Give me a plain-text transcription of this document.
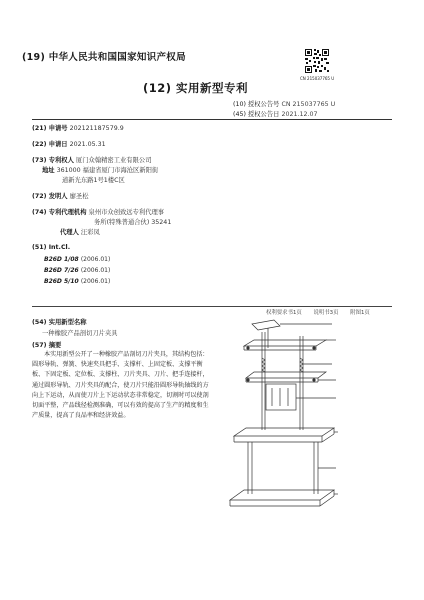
(19) 中华人民共和国国家知识产权局
(12) 实用新型专利
CN 215037765 U
(10) 授权公告号 CN 215037765 U
(45) 授权公告日 2021.12.07
(21) 申请号 202121187579.9
(22) 申请日 2021.05.31
(73) 专利权人 厦门众翰精密工业有限公司
地址 361000 福建省厦门市海沧区新阳街
道新光东路1号1楼C区
(72) 发明人 廖圣松
(74) 专利代理机构 泉州市众创致远专利代理事
务所(特殊普通合伙) 35241
代理人 汪彩凤
(51) Int.Cl.
B26D 1/08 (2006.01)
B26D 7/26 (2006.01)
B26D 5/10 (2006.01)
权利要求书1页 说明书3页 附图1页
(54) 实用新型名称
一种橡胶产品剖切刀片夹具
(57) 摘要
本实用新型公开了一种橡胶产品剖切刀片夹具，其结构包括：圆形导轨、弹簧、快速夹具把手、支撑杆、上固定板、支撑平衡板、下固定板、定位板、支撑柱、刀片夹具、刀片、把手连接杆，通过圆形导轨、刀片夹具的配合，使刀片只能沿圆形导轨轴线的方向上下运动，从而使刀片上下运动状态非常稳定，切割时可以使剖切面平整，产品线径检测准确，可以有效的提高了生产的精度和生产质量，提高了良品率和经济效益。
